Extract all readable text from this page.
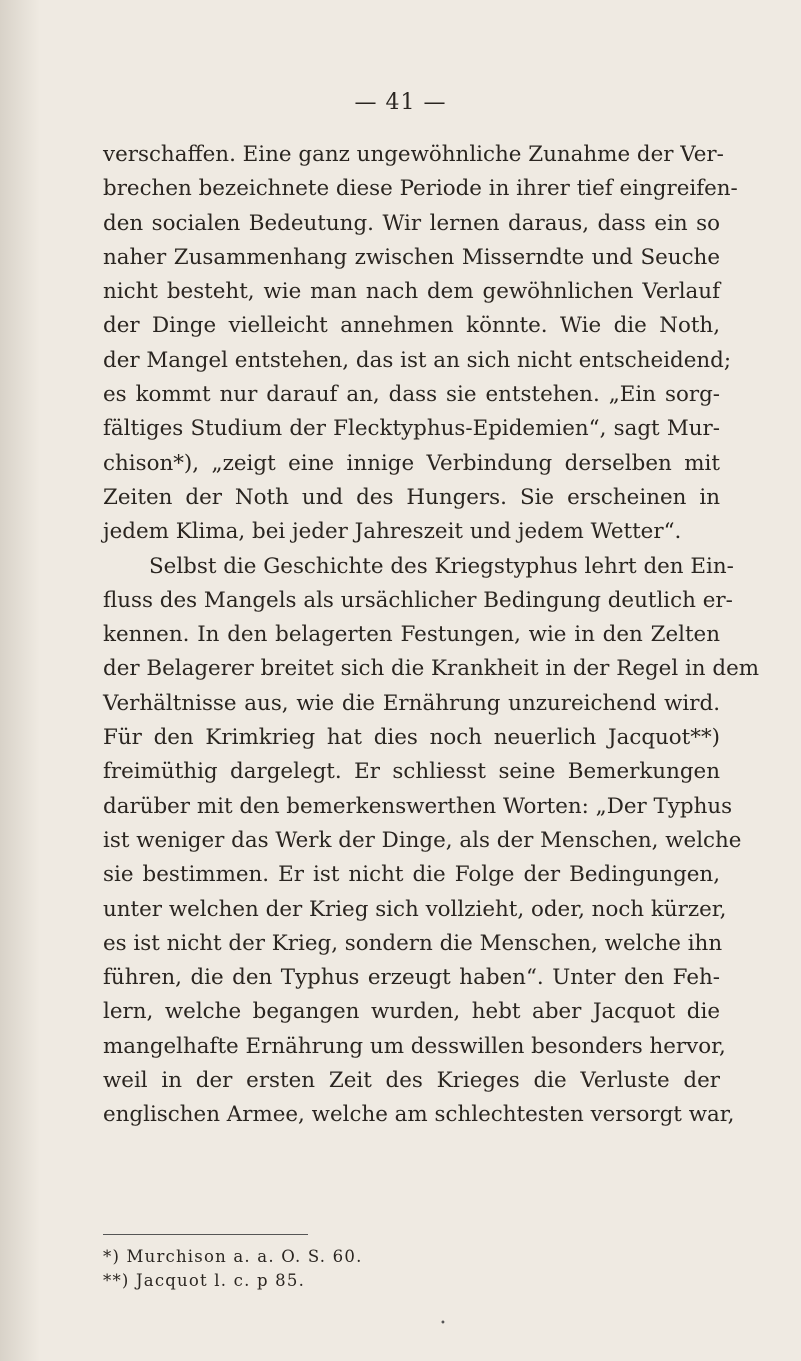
— 41 —
verschaffen. Eine ganz ungewöhnliche Zunahme der Ver-
brechen bezeichnete diese Periode in ihrer tief eingreifen-
den socialen Bedeutung. Wir lernen daraus, dass ein so
naher Zusammenhang zwischen Misserndte und Seuche
nicht besteht, wie man nach dem gewöhnlichen Verlauf
der Dinge vielleicht annehmen könnte. Wie die Noth,
der Mangel entstehen, das ist an sich nicht entscheidend;
es kommt nur darauf an, dass sie entstehen. „Ein sorg-
fältiges Studium der Flecktyphus-Epidemien“, sagt Mur-
chison*), „zeigt eine innige Verbindung derselben mit
Zeiten der Noth und des Hungers. Sie erscheinen in
jedem Klima, bei jeder Jahreszeit und jedem Wetter“.
Selbst die Geschichte des Kriegstyphus lehrt den Ein-
fluss des Mangels als ursächlicher Bedingung deutlich er-
kennen. In den belagerten Festungen, wie in den Zelten
der Belagerer breitet sich die Krankheit in der Regel in dem
Verhältnisse aus, wie die Ernährung unzureichend wird.
Für den Krimkrieg hat dies noch neuerlich Jacquot**)
freimüthig dargelegt. Er schliesst seine Bemerkungen
darüber mit den bemerkenswerthen Worten: „Der Typhus
ist weniger das Werk der Dinge, als der Menschen, welche
sie bestimmen. Er ist nicht die Folge der Bedingungen,
unter welchen der Krieg sich vollzieht, oder, noch kürzer,
es ist nicht der Krieg, sondern die Menschen, welche ihn
führen, die den Typhus erzeugt haben“. Unter den Feh-
lern, welche begangen wurden, hebt aber Jacquot die
mangelhafte Ernährung um desswillen besonders hervor,
weil in der ersten Zeit des Krieges die Verluste der
englischen Armee, welche am schlechtesten versorgt war,
*) Murchison a. a. O. S. 60.
**) Jacquot l. c. p 85.
•
